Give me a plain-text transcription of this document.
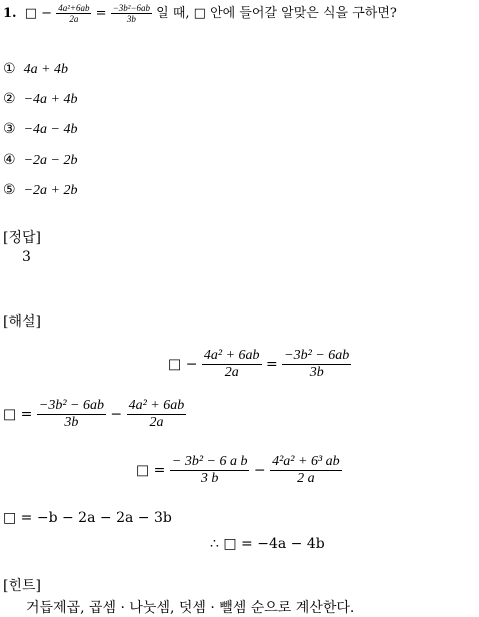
1. □ − $\frac{\text{4a²+6ab}}{2a} = \frac{\text{−3b²−6ab}}{3b}$ 일 때, □ 안에 들어갈 알맞은 식을 구하면?
① 4a + 4b
② −4a + 4b
③ −4a − 4b
④ −2a − 2b
⑤ −2a + 2b
[정답]
3
[해설]
□ − $\frac{\text{4a² + 6ab}}{2a} = \frac{\text{−3b² − 6ab}}{3b}$
□ = $\frac{\text{−3b² − 6ab}}{3b} - \frac{\text{4a² + 6ab}}{2a}$
□ = $\frac{\text{− 3b² − 6 a b}}{3 b} - \frac{\text{4²a² + 6³ ab}}{2 a}$
□ = −b − 2a − 2a − 3b
∴ □ = −4a − 4b
[힌트]
거듭제곱, 곱셈 · 나눗셈, 덧셈 · 뺄셈 순으로 계산한다.
